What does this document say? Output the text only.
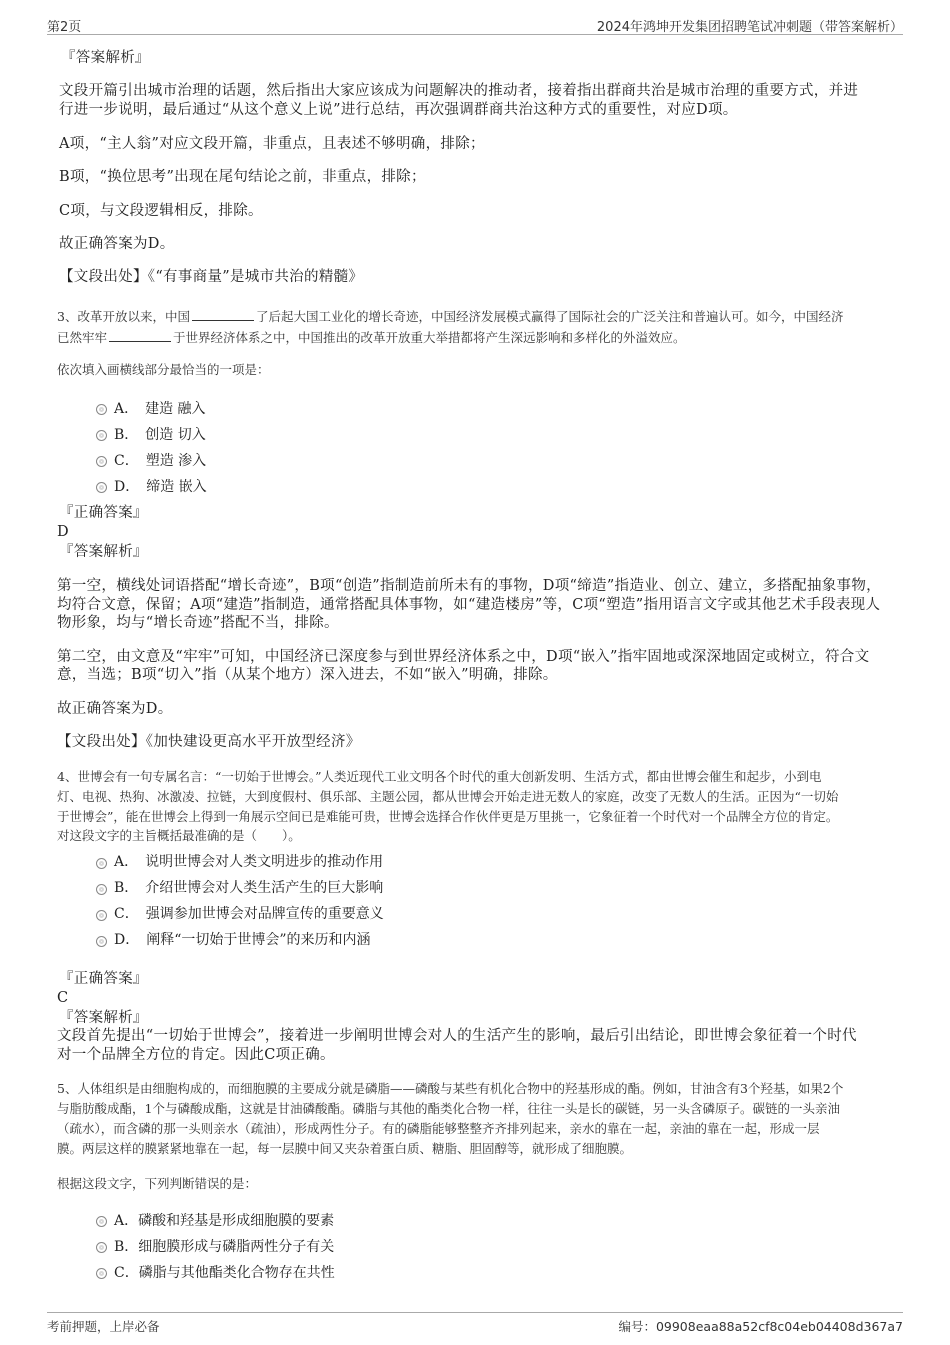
第2页	2024年鸿坤开发集团招聘笔试冲刺题（带答案解析）
『答案解析』
文段开篇引出城市治理的话题，然后指出大家应该成为问题解决的推动者，接着指出群商共治是城市治理的重要方式，并进
行进一步说明，最后通过“从这个意义上说”进行总结，再次强调群商共治这种方式的重要性，对应D项。
A项，“主人翁”对应文段开篇，非重点，且表述不够明确，排除；
B项，“换位思考”出现在尾句结论之前，非重点，排除；
C项，与文段逻辑相反，排除。
故正确答案为D。
【文段出处】《“有事商量”是城市共治的精髓》
3、改革开放以来，中国	了后起大国工业化的增长奇迹，中国经济发展模式赢得了国际社会的广泛关注和普遍认可。如今，中国经济
已然牢牢	于世界经济体系之中，中国推出的改革开放重大举措都将产生深远影响和多样化的外溢效应。
依次填入画横线部分最恰当的一项是：
A．　建造 融入
B．　创造 切入
C．　塑造 渗入
D．　缔造 嵌入
『正确答案』
D
『答案解析』
第一空，横线处词语搭配“增长奇迹”，B项“创造”指制造前所未有的事物，D项“缔造”指造业、创立、建立，多搭配抽象事物，
均符合文意，保留；A项“建造”指制造，通常搭配具体事物，如“建造楼房”等，C项“塑造”指用语言文字或其他艺术手段表现人
物形象，均与“增长奇迹”搭配不当，排除。
第二空，由文意及“牢牢”可知，中国经济已深度参与到世界经济体系之中，D项“嵌入”指牢固地或深深地固定或树立，符合文
意，当选；B项“切入”指（从某个地方）深入进去，不如“嵌入”明确，排除。
故正确答案为D。
【文段出处】《加快建设更高水平开放型经济》
4、世博会有一句专属名言：“一切始于世博会。”人类近现代工业文明各个时代的重大创新发明、生活方式，都由世博会催生和起步，小到电
灯、电视、热狗、冰激凌、拉链，大到度假村、俱乐部、主题公园，都从世博会开始走进无数人的家庭，改变了无数人的生活。正因为“一切始
于世博会”，能在世博会上得到一角展示空间已是难能可贵，世博会选择合作伙伴更是万里挑一，它象征着一个时代对一个品牌全方位的肯定。
对这段文字的主旨概括最准确的是（　　）。
A．　说明世博会对人类文明进步的推动作用
B．　介绍世博会对人类生活产生的巨大影响
C．　强调参加世博会对品牌宣传的重要意义
D．　阐释“一切始于世博会”的来历和内涵
『正确答案』
C
『答案解析』
文段首先提出“一切始于世博会”，接着进一步阐明世博会对人的生活产生的影响，最后引出结论，即世博会象征着一个时代
对一个品牌全方位的肯定。因此C项正确。
5、人体组织是由细胞构成的，而细胞膜的主要成分就是磷脂——磷酸与某些有机化合物中的羟基形成的酯。例如，甘油含有3个羟基，如果2个
与脂肪酸成酯，1个与磷酸成酯，这就是甘油磷酸酯。磷脂与其他的酯类化合物一样，往往一头是长的碳链，另一头含磷原子。碳链的一头亲油
（疏水），而含磷的那一头则亲水（疏油），形成两性分子。有的磷脂能够整整齐齐排列起来，亲水的靠在一起，亲油的靠在一起，形成一层
膜。两层这样的膜紧紧地靠在一起，每一层膜中间又夹杂着蛋白质、糖脂、胆固醇等，就形成了细胞膜。
根据这段文字，下列判断错误的是：
A．磷酸和羟基是形成细胞膜的要素
B．细胞膜形成与磷脂两性分子有关
C．磷脂与其他酯类化合物存在共性
考前押题，上岸必备	编号：09908eaa88a52cf8c04eb04408d367a7
